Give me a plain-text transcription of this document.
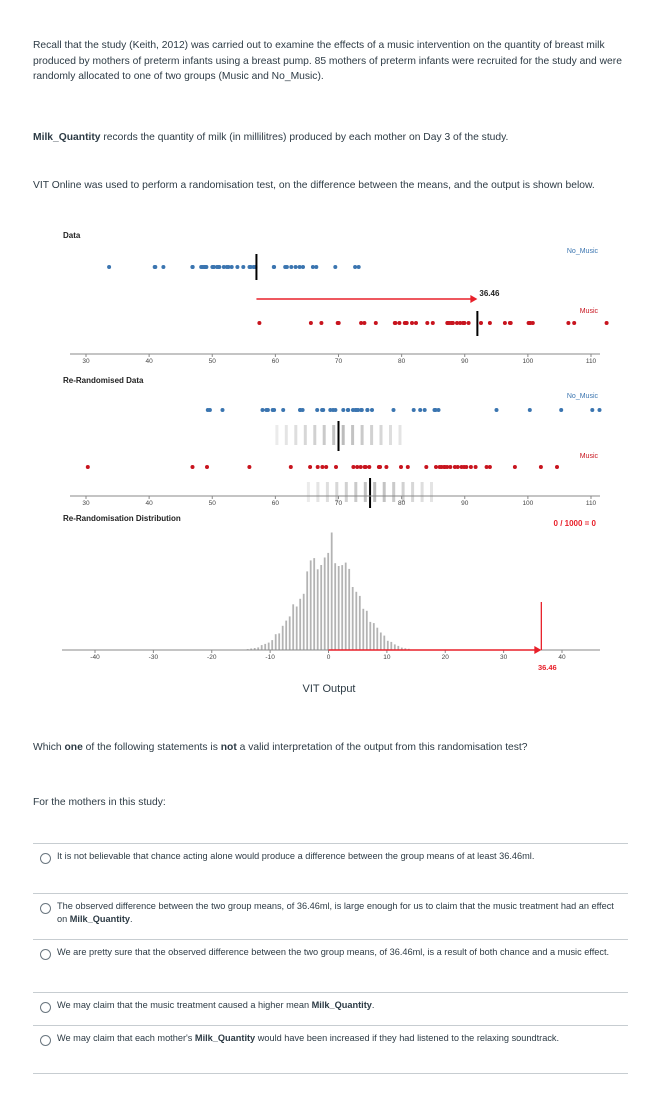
Recall that the study (Keith, 2012) was carried out to examine the effects of a music intervention on the quantity of breast milk produced by mothers of preterm infants using a breast pump. 85 mothers of preterm infants were recruited for the study and were randomly allocated to one of two groups (Music and No_Music).
Milk_Quantity records the quantity of milk (in millilitres) produced by each mother on Day 3 of the study.
VIT Online was used to perform a randomisation test, on the difference between the means, and the output is shown below.
Data
Re-Randomised Data
Re-Randomisation Distribution
No_Music
Music
No_Music
Music
36.46
30	40	50	60	70	80	90	100	110
30	40	50	60	70	80	90	100	110
0 / 1000 = 0
-40	-30	-20	-10	0	10	20	30	40
36.46
VIT Output
Which one of the following statements is not a valid interpretation of the output from this randomisation test?
For the mothers in this study:
It is not believable that chance acting alone would produce a difference between the group means of at least 36.46ml.
The observed difference between the two group means, of 36.46ml, is large enough for us to claim that the music treatment had an effect on Milk_Quantity.
We are pretty sure that the observed difference between the two group means, of 36.46ml, is a result of both chance and a music effect.
We may claim that the music treatment caused a higher mean Milk_Quantity.
We may claim that each mother's Milk_Quantity would have been increased if they had listened to the relaxing soundtrack.
